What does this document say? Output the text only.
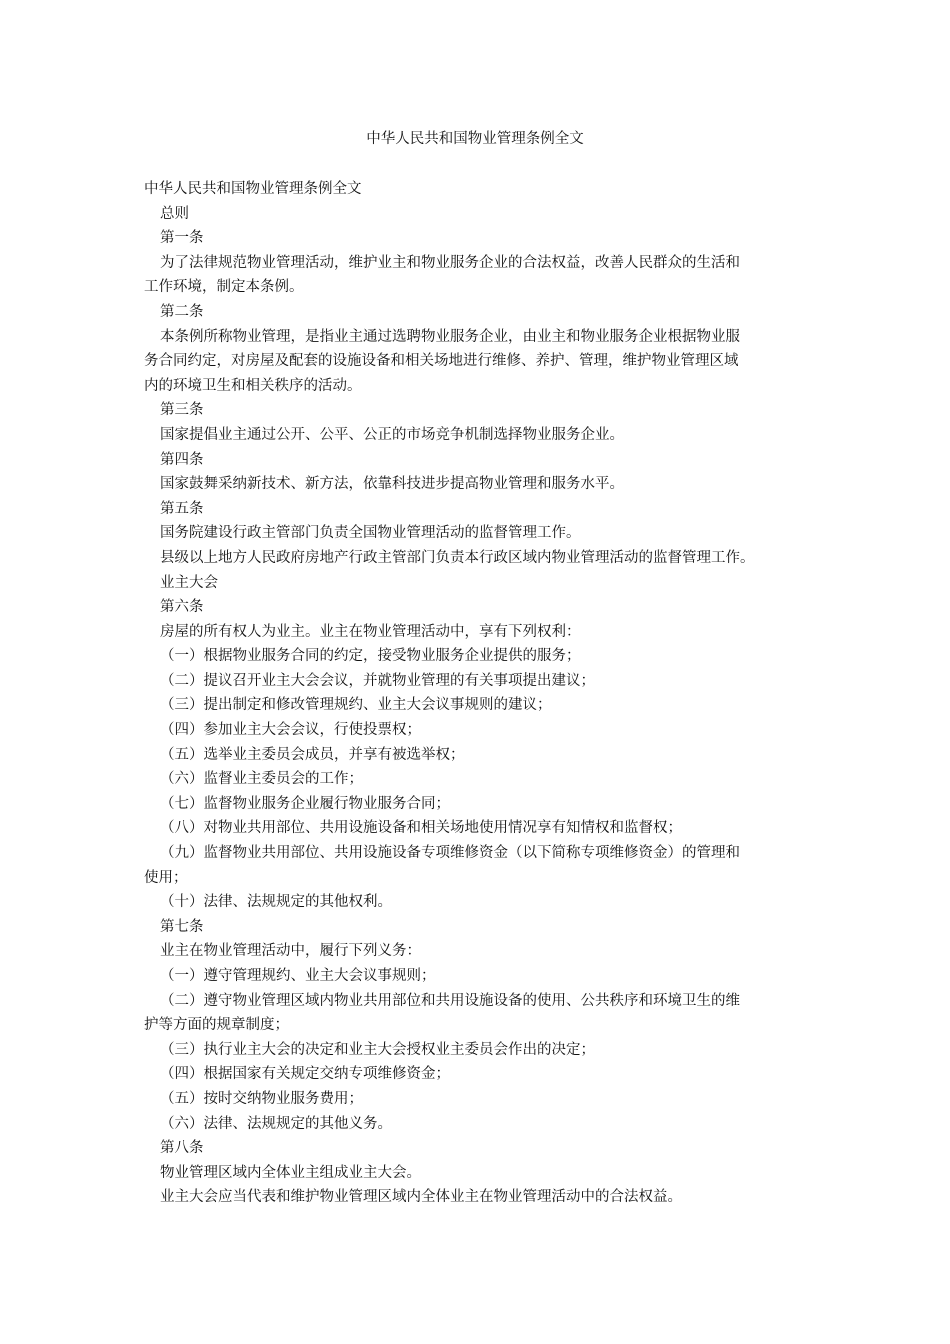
中华人民共和国物业管理条例全文
中华人民共和国物业管理条例全文
总则
第一条
为了法律规范物业管理活动，维护业主和物业服务企业的合法权益，改善人民群众的生活和
工作环境，制定本条例。
第二条
本条例所称物业管理，是指业主通过选聘物业服务企业，由业主和物业服务企业根据物业服
务合同约定，对房屋及配套的设施设备和相关场地进行维修、养护、管理，维护物业管理区域
内的环境卫生和相关秩序的活动。
第三条
国家提倡业主通过公开、公平、公正的市场竞争机制选择物业服务企业。
第四条
国家鼓舞采纳新技术、新方法，依靠科技进步提高物业管理和服务水平。
第五条
国务院建设行政主管部门负责全国物业管理活动的监督管理工作。
县级以上地方人民政府房地产行政主管部门负责本行政区域内物业管理活动的监督管理工作。
业主大会
第六条
房屋的所有权人为业主。业主在物业管理活动中，享有下列权利：
（一）根据物业服务合同的约定，接受物业服务企业提供的服务；
（二）提议召开业主大会会议，并就物业管理的有关事项提出建议；
（三）提出制定和修改管理规约、业主大会议事规则的建议；
（四）参加业主大会会议，行使投票权；
（五）选举业主委员会成员，并享有被选举权；
（六）监督业主委员会的工作；
（七）监督物业服务企业履行物业服务合同；
（八）对物业共用部位、共用设施设备和相关场地使用情况享有知情权和监督权；
（九）监督物业共用部位、共用设施设备专项维修资金（以下简称专项维修资金）的管理和
使用；
（十）法律、法规规定的其他权利。
第七条
业主在物业管理活动中，履行下列义务：
（一）遵守管理规约、业主大会议事规则；
（二）遵守物业管理区域内物业共用部位和共用设施设备的使用、公共秩序和环境卫生的维
护等方面的规章制度；
（三）执行业主大会的决定和业主大会授权业主委员会作出的决定；
（四）根据国家有关规定交纳专项维修资金；
（五）按时交纳物业服务费用；
（六）法律、法规规定的其他义务。
第八条
物业管理区域内全体业主组成业主大会。
业主大会应当代表和维护物业管理区域内全体业主在物业管理活动中的合法权益。
